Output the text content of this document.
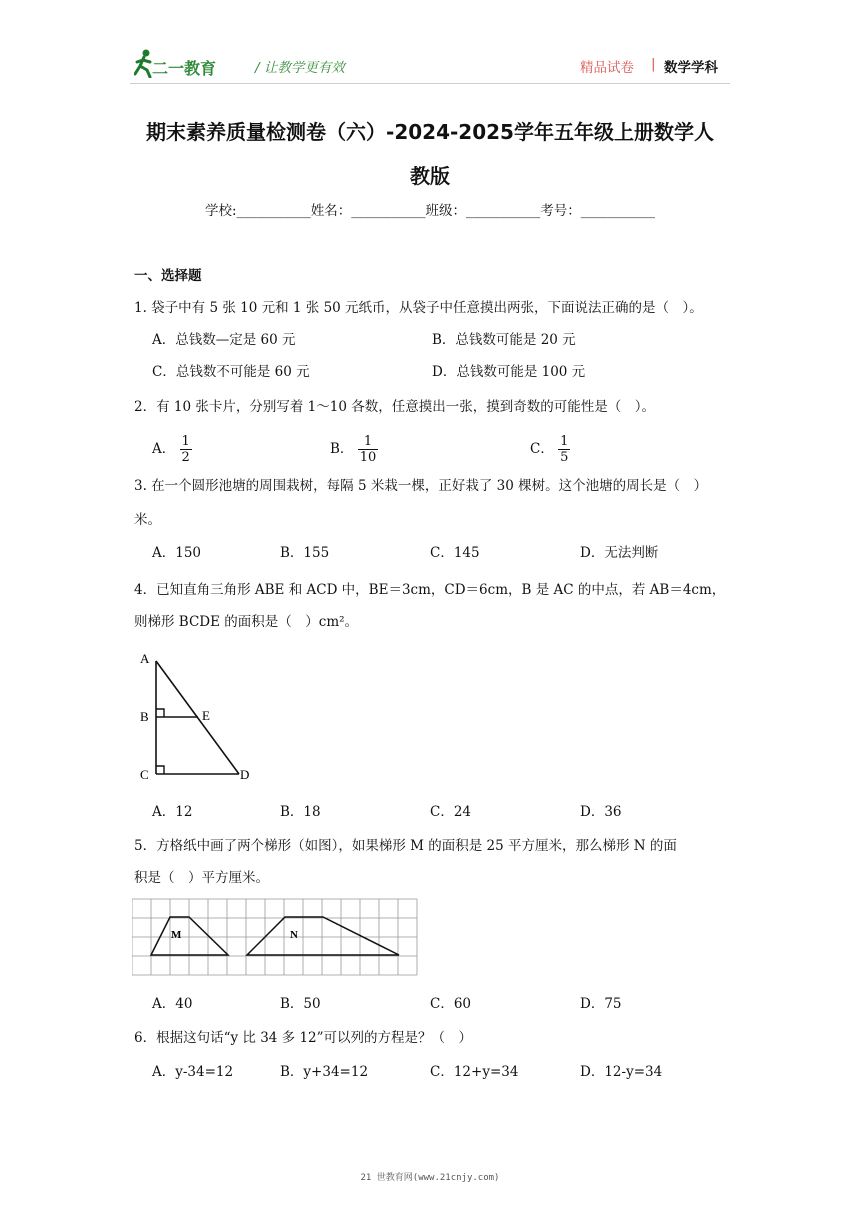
二一教育	/ 让教学更有效	精品试卷 | 数学学科
期末素养质量检测卷（六）-2024-2025学年五年级上册数学人
教版
学校:___________姓名：___________班级：___________考号：___________
一、选择题
1. 袋子中有 5 张 10 元和 1 张 50 元纸币，从袋子中任意摸出两张，下面说法正确的是（　）。
A．总钱数—定是 60 元	B．总钱数可能是 20 元
C．总钱数不可能是 60 元	D．总钱数可能是 100 元
2．有 10 张卡片，分别写着 1～10 各数，任意摸出一张，摸到奇数的可能性是（　）。
A． $\frac{1}{2}$	B． $\frac{1}{10}$	C． $\frac{1}{5}$
3. 在一个圆形池塘的周围栽树，每隔 5 米栽一棵，正好栽了 30 棵树。这个池塘的周长是（　）
米。
A．150	B．155	C．145	D．无法判断
4．已知直角三角形 ABE 和 ACD 中，BE＝3cm，CD＝6cm，B 是 AC 的中点，若 AB＝4cm，
则梯形 BCDE 的面积是（　）cm²。
A
B	E
C	D
A．12	B．18	C．24	D．36
5．方格纸中画了两个梯形（如图），如果梯形 M 的面积是 25 平方厘米，那么梯形 N 的面
积是（　）平方厘米。
M	N
A．40	B．50	C．60	D．75
6．根据这句话“y 比 34 多 12”可以列的方程是？（　）
A．y-34=12	B．y+34=12	C．12+y=34	D．12-y=34
21 世教育网(www.21cnjy.com)
